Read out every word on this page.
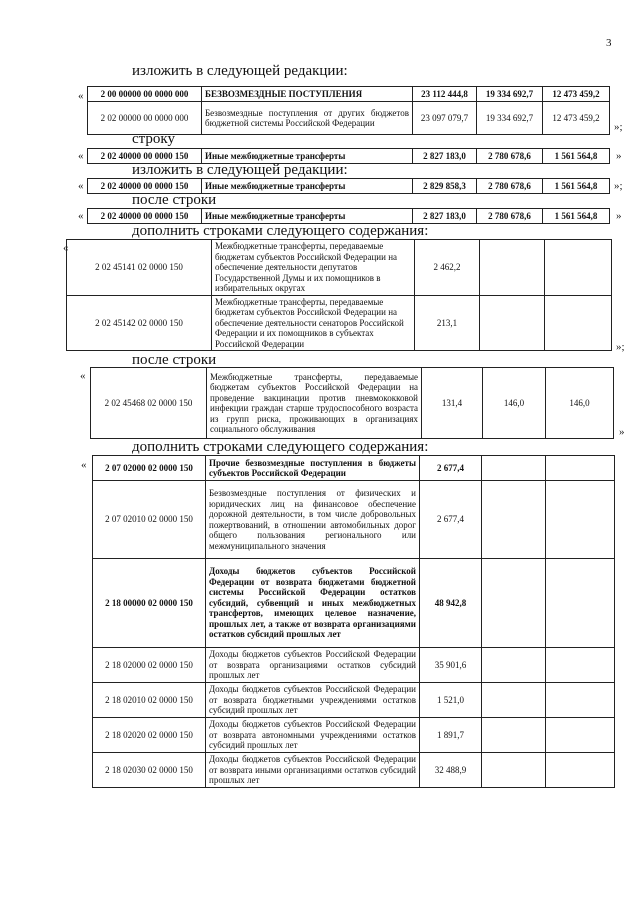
3
изложить в следующей редакции:
« 2 00 00000 00 0000 000	БЕЗВОЗМЕЗДНЫЕ ПОСТУПЛЕНИЯ	23 112 444,8	19 334 692,7	12 473 459,2
2 02 00000 00 0000 000	Безвозмездные поступления от других бюджетов бюджетной системы Российской Федерации	23 097 079,7	19 334 692,7	12 473 459,2
»;
строку
« 2 02 40000 00 0000 150	Иные межбюджетные трансферты	2 827 183,0	2 780 678,6	1 561 564,8 »
изложить в следующей редакции:
« 2 02 40000 00 0000 150	Иные межбюджетные трансферты	2 829 858,3	2 780 678,6	1 561 564,8 »;
после строки
« 2 02 40000 00 0000 150	Иные межбюджетные трансферты	2 827 183,0	2 780 678,6	1 561 564,8 »
дополнить строками следующего содержания:
«
2 02 45141 02 0000 150	Межбюджетные трансферты, передаваемые бюджетам субъектов Российской Федерации на обеспечение деятельности депутатов Государственной Думы и их помощников в избирательных округах	2 462,2		
2 02 45142 02 0000 150	Межбюджетные трансферты, передаваемые бюджетам субъектов Российской Федерации на обеспечение деятельности сенаторов Российской Федерации и их помощников в субъектах Российской Федерации	213,1		
»;
после строки
«
2 02 45468 02 0000 150	Межбюджетные трансферты, передаваемые бюджетам субъектов Российской Федерации на проведение вакцинации против пневмококковой инфекции граждан старше трудоспособного возраста из групп риска, проживающих в организациях социального обслуживания	131,4	146,0	146,0
»
дополнить строками следующего содержания:
« 2 07 02000 02 0000 150	Прочие безвозмездные поступления в бюджеты субъектов Российской Федерации	2 677,4		
2 07 02010 02 0000 150	Безвозмездные поступления от физических и юридических лиц на финансовое обеспечение дорожной деятельности, в том числе добровольных пожертвований, в отношении автомобильных дорог общего пользования регионального или межмуниципального значения	2 677,4		
2 18 00000 02 0000 150	Доходы бюджетов субъектов Российской Федерации от возврата бюджетами бюджетной системы Российской Федерации остатков субсидий, субвенций и иных межбюджетных трансфертов, имеющих целевое назначение, прошлых лет, а также от возврата организациями остатков субсидий прошлых лет	48 942,8		
2 18 02000 02 0000 150	Доходы бюджетов субъектов Российской Федерации от возврата организациями остатков субсидий прошлых лет	35 901,6		
2 18 02010 02 0000 150	Доходы бюджетов субъектов Российской Федерации от возврата бюджетными учреждениями остатков субсидий прошлых лет	1 521,0		
2 18 02020 02 0000 150	Доходы бюджетов субъектов Российской Федерации от возврата автономными учреждениями остатков субсидий прошлых лет	1 891,7		
2 18 02030 02 0000 150	Доходы бюджетов субъектов Российской Федерации от возврата иными организациями остатков субсидий прошлых лет	32 488,9		
